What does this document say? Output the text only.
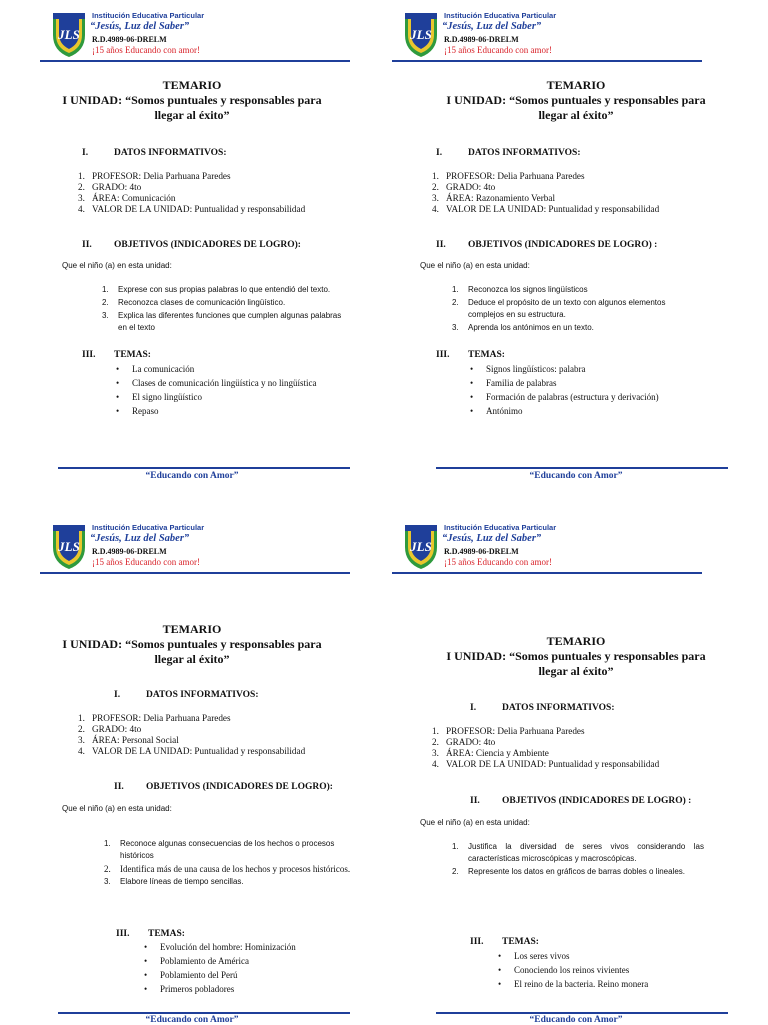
JLS
Institución Educativa Particular
“Jesús, Luz del Saber”
R.D.4989-06-DRELM
¡15 años Educando con amor!
TEMARIO
I UNIDAD: “Somos puntuales y responsables para
llegar al éxito”
I.	DATOS INFORMATIVOS:
1. PROFESOR: Delia Parhuana Paredes
2. GRADO: 4to
3. ÁREA: Comunicación
4. VALOR DE LA UNIDAD: Puntualidad y responsabilidad
II. OBJETIVOS (INDICADORES DE LOGRO):
Que el niño (a) en esta unidad:
1. Exprese con sus propias palabras lo que entendió del texto.
2. Reconozca clases de comunicación lingüístico.
3. Explica las diferentes funciones que cumplen algunas palabras en el texto
III. TEMAS:
• La comunicación
• Clases de comunicación lingüística y no lingüística
• El signo lingüístico
• Repaso
“Educando con Amor”
JLS
Institución Educativa Particular
“Jesús, Luz del Saber”
R.D.4989-06-DRELM
¡15 años Educando con amor!
TEMARIO
I UNIDAD: “Somos puntuales y responsables para
llegar al éxito”
I.	DATOS INFORMATIVOS:
1. PROFESOR: Delia Parhuana Paredes
2. GRADO: 4to
3. ÁREA: Razonamiento Verbal
4. VALOR DE LA UNIDAD: Puntualidad y responsabilidad
II. OBJETIVOS (INDICADORES DE LOGRO) :
Que el niño (a) en esta unidad:
1. Reconozca los signos lingüísticos
2. Deduce el propósito de un texto con algunos elementos complejos en su estructura.
3. Aprenda los antónimos en un texto.
III. TEMAS:
• Signos lingüísticos: palabra
• Familia de palabras
• Formación de palabras (estructura y derivación)
• Antónimo
“Educando con Amor”
JLS
Institución Educativa Particular
“Jesús, Luz del Saber”
R.D.4989-06-DRELM
¡15 años Educando con amor!
TEMARIO
I UNIDAD: “Somos puntuales y responsables para
llegar al éxito”
I.	DATOS INFORMATIVOS:
1. PROFESOR: Delia Parhuana Paredes
2. GRADO: 4to
3. ÁREA: Personal Social
4. VALOR DE LA UNIDAD: Puntualidad y responsabilidad
II. OBJETIVOS (INDICADORES DE LOGRO):
Que el niño (a) en esta unidad:
1. Reconoce algunas consecuencias de los hechos o procesos históricos
2. Identifica más de una causa de los hechos y procesos históricos.
3. Elabore líneas de tiempo sencillas.
III. TEMAS:
• Evolución del hombre: Hominización
• Poblamiento de América
• Poblamiento del Perú
• Primeros pobladores
“Educando con Amor”
JLS
Institución Educativa Particular
“Jesús, Luz del Saber”
R.D.4989-06-DRELM
¡15 años Educando con amor!
TEMARIO
I UNIDAD: “Somos puntuales y responsables para
llegar al éxito”
I.	DATOS INFORMATIVOS:
1. PROFESOR: Delia Parhuana Paredes
2. GRADO: 4to
3. ÁREA: Ciencia y Ambiente
4. VALOR DE LA UNIDAD: Puntualidad y responsabilidad
II. OBJETIVOS (INDICADORES DE LOGRO) :
Que el niño (a) en esta unidad:
1. Justifica la diversidad de seres vivos considerando las características microscópicas y macroscópicas.
2. Represente los datos en gráficos de barras dobles o lineales.
III. TEMAS:
• Los seres vivos
• Conociendo los reinos vivientes
• El reino de la bacteria. Reino monera
“Educando con Amor”
